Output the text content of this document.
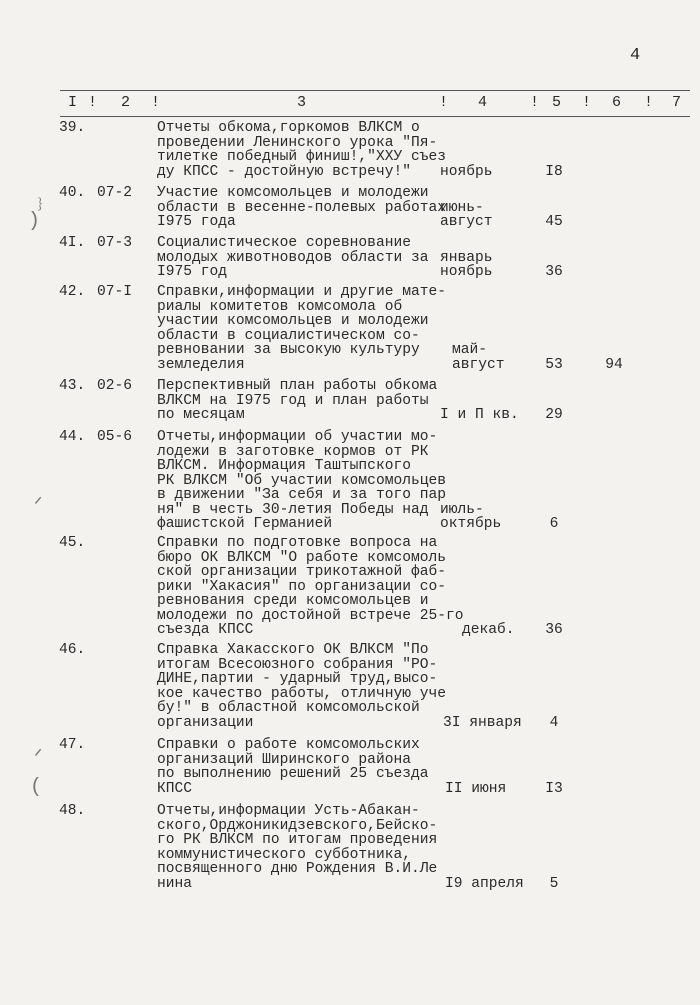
4
I ! 2 !	3	! 4	! 5 ! 6 ! 7
39.	Отчеты обкома,горкомов ВЛКСМ о
проведении Ленинского урока "Пя-
тилетке победный финиш!,"XXУ съез
ду КПСС - достойную встречу!"	ноябрь	I8
40. 07-2 Участие комсомольцев и молодежи
области в весенне-полевых работах
I975 года
июнь-
август	45
4I. 07-3 Социалистическое соревнование
молодых животноводов области за
I975 год
январь
ноябрь	36
42. 07-I Справки,информации и другие мате-
риалы комитетов комсомола об
участии комсомольцев и молодежи
области в социалистическом со-
ревновании за высокую культуру
земледелия
май-
август	53	94
43. 02-6 Перспективный план работы обкома
ВЛКСМ на I975 год и план работы
по месяцам	I и П кв. 29
44. 05-6 Отчеты,информации об участии мо-
лодежи в заготовке кормов от РК
ВЛКСМ. Информация Таштыпского
РК ВЛКСМ "Об участии комсомольцев
в движении "За себя и за того пар
ня" в честь 30-летия Победы над
фашистской Германией
июль-
октябрь	6
45.	Справки по подготовке вопроса на
бюро ОК ВЛКСМ "О работе комсомоль
ской организации трикотажной фаб-
рики "Хакасия" по организации со-
ревнования среди комсомольцев и
молодежи по достойной встрече 25-го
съезда КПСС	декаб.	36
46.	Справка Хакасского ОК ВЛКСМ "По
итогам Всесоюзного собрания "РО-
ДИНЕ,партии - ударный труд,высо-
кое качество работы, отличную уче
бу!" в областной комсомольской
организации	3I января	4
47.	Справки о работе комсомольских
организаций Ширинского района
по выполнению решений 25 съезда
КПСС	II июня	I3
48.	Отчеты,информации Усть-Абакан-
ского,Орджоникидзевского,Бейско-
го РК ВЛКСМ по итогам проведения
коммунистического субботника,
посвященного дню Рождения В.И.Ле
нина	I9 апреля	5
﹜
)
ᐟ
ᐟ
(
